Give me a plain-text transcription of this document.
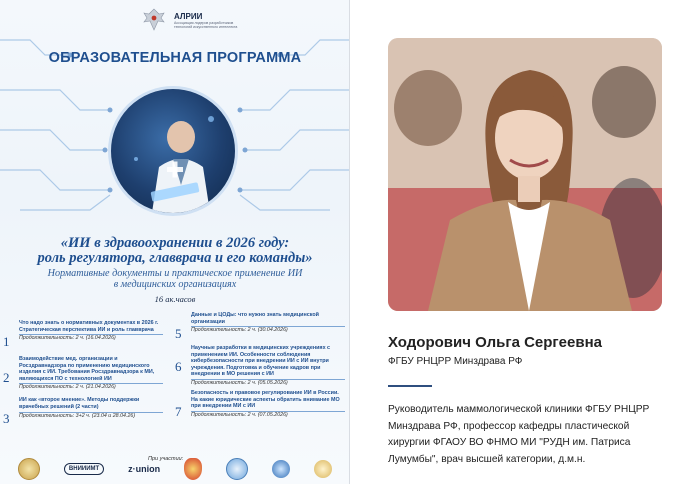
АЛРИИ
Ассоциация лидеров разработчиков технологий искусственного интеллекта
ОБРАЗОВАТЕЛЬНАЯ ПРОГРАММА
«ИИ в здравоохранении в 2026 году:
роль регулятора, главврача и его команды»
Нормативные документы и практическое применение ИИ
в медицинских организациях
16 ак.часов
1
Что надо знать о нормативных документах в 2026 г. Стратегическая перспектива ИИ и роль главврача
Продолжительность: 2 ч. (16.04.2026)
2
Взаимодействие мед. организации и Росздравнадзора по применению медицинского изделия с ИИ. Требования Росздравнадзора к МИ, являющихся ПО с технологией ИИ
Продолжительность: 2 ч. (21.04.2026)
3
ИИ как «второе мнение». Методы поддержки врачебных решений (2 части)
Продолжительность: 3+2 ч. (23.04 и 28.04.26)
5
Данные и ЦОДы: что нужно знать медицинской организации
Продолжительность: 2 ч. (30.04.2026)
6
Научные разработки в медицинских учреждениях с применением ИИ. Особенности соблюдения кибербезопасности при внедрении ИИ с ИИ внутри учреждения. Подготовка и обучение кадров при внедрении в МО решения с ИИ
Продолжительность: 2 ч. (05.05.2026)
7
Безопасность и правовое регулирование ИИ в России. На какие юридические аспекты обратить внимание МО при внедрении МИ с ИИ
Продолжительность: 2 ч. (07.05.2026)
При участии:
ВНИИИМТ	z·union
Ходорович Ольга Сергеевна
ФГБУ РНЦРР Минздрава РФ
Руководитель маммологической клиники ФГБУ РНЦРР
Минздрава РФ, профессор кафедры пластической
хирургии ФГАОУ ВО ФНМО МИ "РУДН им. Патриса
Лумумбы", врач высшей категории, д.м.н.
